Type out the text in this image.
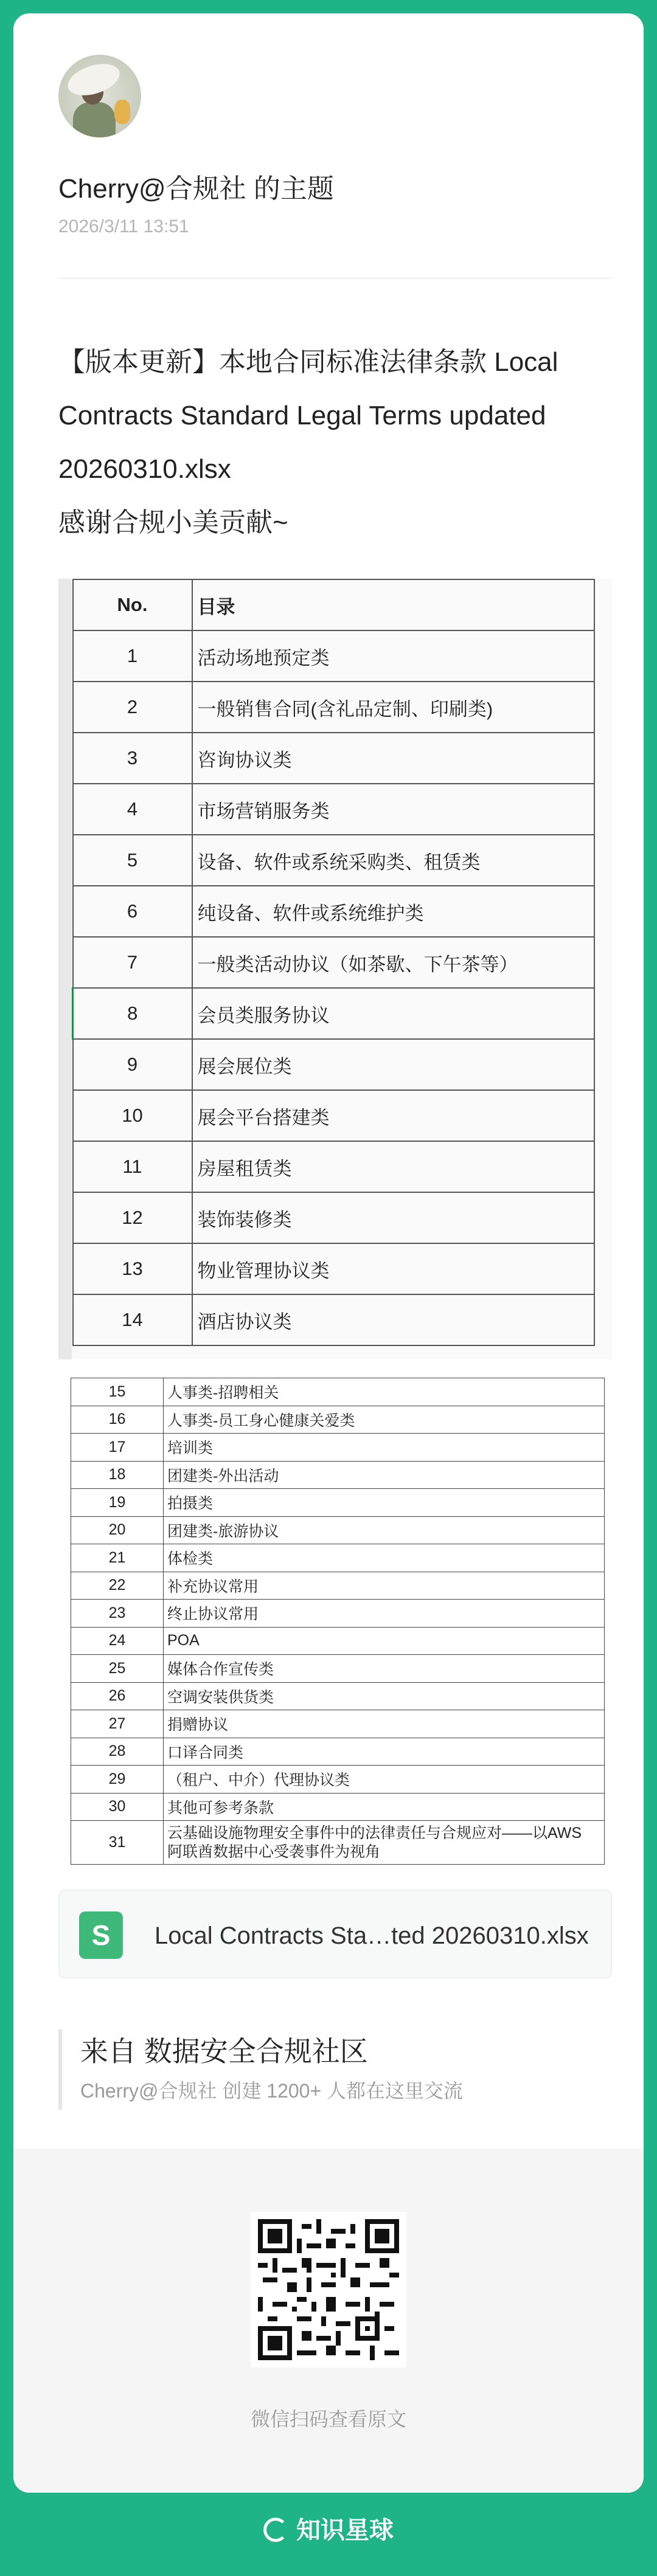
Cherry@合规社 的主题
2026/3/11 13:51
【版本更新】本地合同标准法律条款 Local
Contracts Standard Legal Terms updated
20260310.xlsx
感谢合规小美贡献~
No.	目录
1	活动场地预定类
2	一般销售合同(含礼品定制、印刷类)
3	咨询协议类
4	市场营销服务类
5	设备、软件或系统采购类、租赁类
6	纯设备、软件或系统维护类
7	一般类活动协议（如茶歇、下午茶等）
8	会员类服务协议
9	展会展位类
10	展会平台搭建类
11	房屋租赁类
12	装饰装修类
13	物业管理协议类
14	酒店协议类
15	人事类-招聘相关
16	人事类-员工身心健康关爱类
17	培训类
18	团建类-外出活动
19	拍摄类
20	团建类-旅游协议
21	体检类
22	补充协议常用
23	终止协议常用
24	POA
25	媒体合作宣传类
26	空调安装供货类
27	捐赠协议
28	口译合同类
29	（租户、中介）代理协议类
30	其他可参考条款
31	云基础设施物理安全事件中的法律责任与合规应对——以AWS
阿联酋数据中心受袭事件为视角
S	Local Contracts Sta…ted 20260310.xlsx
来自 数据安全合规社区
Cherry@合规社 创建 1200+ 人都在这里交流
微信扫码查看原文
知识星球
